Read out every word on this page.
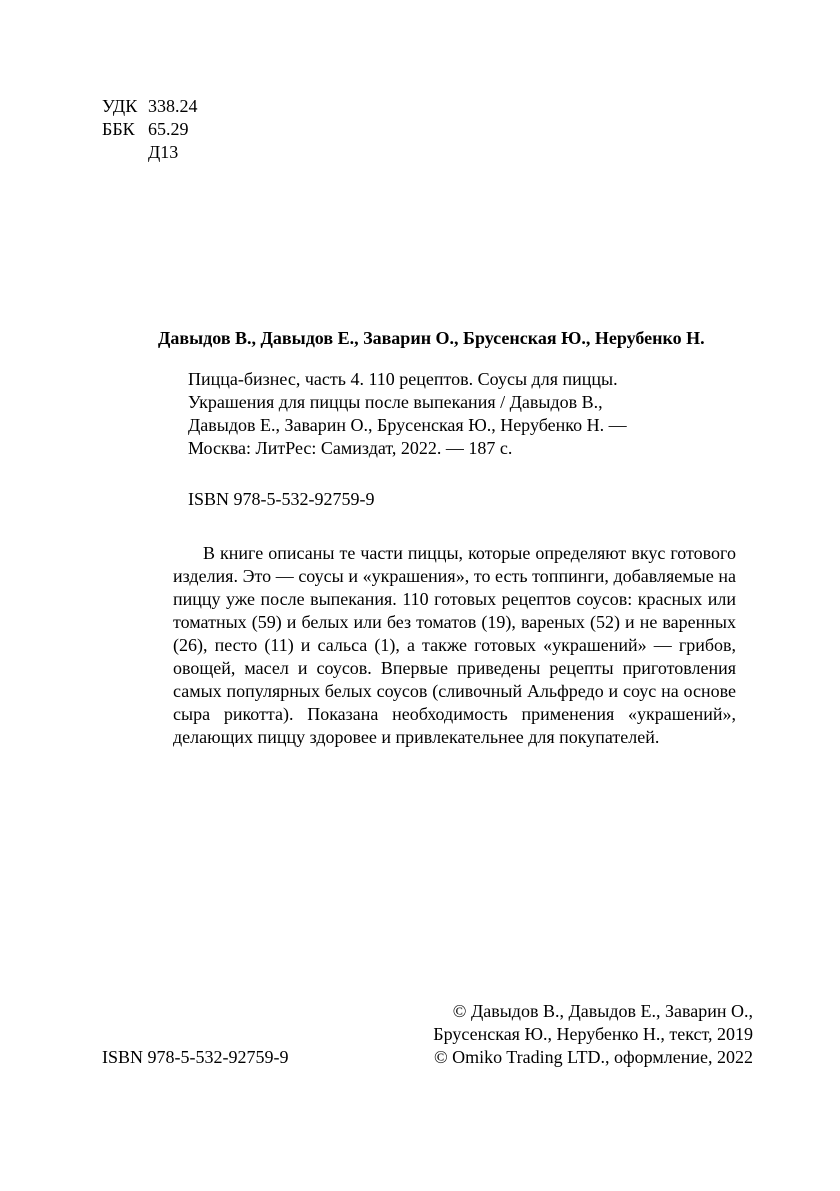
УДК 338.24
ББК 65.29
Д13
Давыдов В., Давыдов Е., Заварин О., Брусенская Ю., Нерубенко Н.
Пицца-бизнес, часть 4. 110 рецептов. Соусы для пиццы.
Украшения для пиццы после выпекания / Давыдов В.,
Давыдов Е., Заварин О., Брусенская Ю., Нерубенко Н. —
Москва: ЛитРес: Самиздат, 2022. — 187 с.
ISBN 978-5-532-92759-9

В книге описаны те части пиццы, которые определяют вкус готового изделия. Это — соусы и «украшения», то есть топпинги, добавляемые на пиццу уже после выпекания. 110 готовых рецептов соусов: красных или томатных (59) и белых или без томатов (19), вареных (52) и не варенных (26), песто (11) и сальса (1), а также готовых «украшений» — грибов, овощей, масел и соусов. Впервые приведены рецепты приготовления самых популярных белых соусов (сливочный Альфредо и соус на основе сыра рикотта). Показана необходимость применения «украшений», делающих пиццу здоровее и привлекательнее для покупателей.

ISBN 978-5-532-92759-9
© Давыдов В., Давыдов Е., Заварин О.,
Брусенская Ю., Нерубенко Н., текст, 2019
© Omiko Trading LTD., оформление, 2022
